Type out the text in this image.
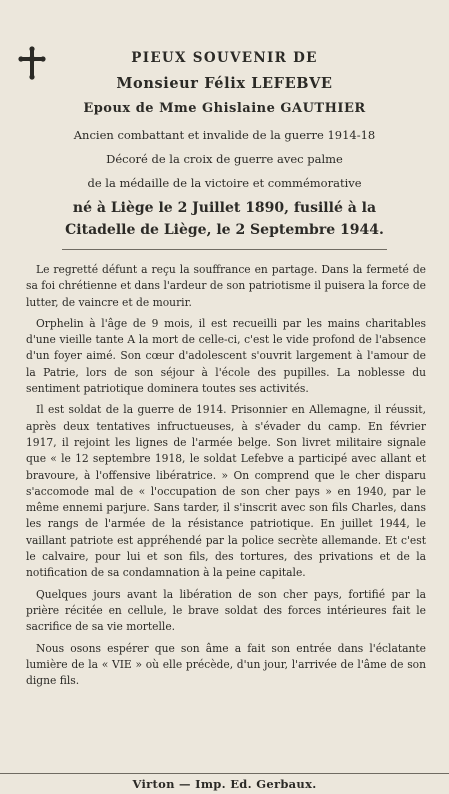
PIEUX SOUVENIR DE

Monsieur Félix LEFEBVE

Epoux de Mme Ghislaine GAUTHIER

Ancien combattant et invalide de la guerre 1914-18

Décoré de la croix de guerre avec palme

de la médaille de la victoire et commémorative

né à Liège le 2 Juillet 1890, fusillé à la

Citadelle de Liège, le 2 Septembre 1944.

Le regretté défunt a reçu la souffrance en partage. Dans la fermeté de sa foi chrétienne et dans l'ardeur de son patriotisme il puisera la force de lutter, de vaincre et de mourir.

Orphelin à l'âge de 9 mois, il est recueilli par les mains charitables d'une vieille tante A la mort de celle-ci, c'est le vide profond de l'absence d'un foyer aimé. Son cœur d'adolescent s'ouvrit largement à l'amour de la Patrie, lors de son séjour à l'école des pupilles. La noblesse du sentiment patriotique dominera toutes ses activités.

Il est soldat de la guerre de 1914. Prisonnier en Allemagne, il réussit, après deux tentatives infructueuses, à s'évader du camp. En février 1917, il rejoint les lignes de l'armée belge. Son livret militaire signale que « le 12 septembre 1918, le soldat Lefebve a participé avec allant et bravoure, à l'offensive libératrice. » On comprend que le cher disparu s'accomode mal de « l'occupation de son cher pays » en 1940, par le même ennemi parjure. Sans tarder, il s'inscrit avec son fils Charles, dans les rangs de l'armée de la résistance patriotique. En juillet 1944, le vaillant patriote est appréhendé par la police secrète allemande. Et c'est le calvaire, pour lui et son fils, des tortures, des privations et de la notification de sa condamnation à la peine capitale.

Quelques jours avant la libération de son cher pays, fortifié par la prière récitée en cellule, le brave soldat des forces intérieures fait le sacrifice de sa vie mortelle.

Nous osons espérer que son âme a fait son entrée dans l'éclatante lumière de la « VIE » où elle précède, d'un jour, l'arrivée de l'âme de son digne fils.

Virton — Imp. Ed. Gerbaux.
